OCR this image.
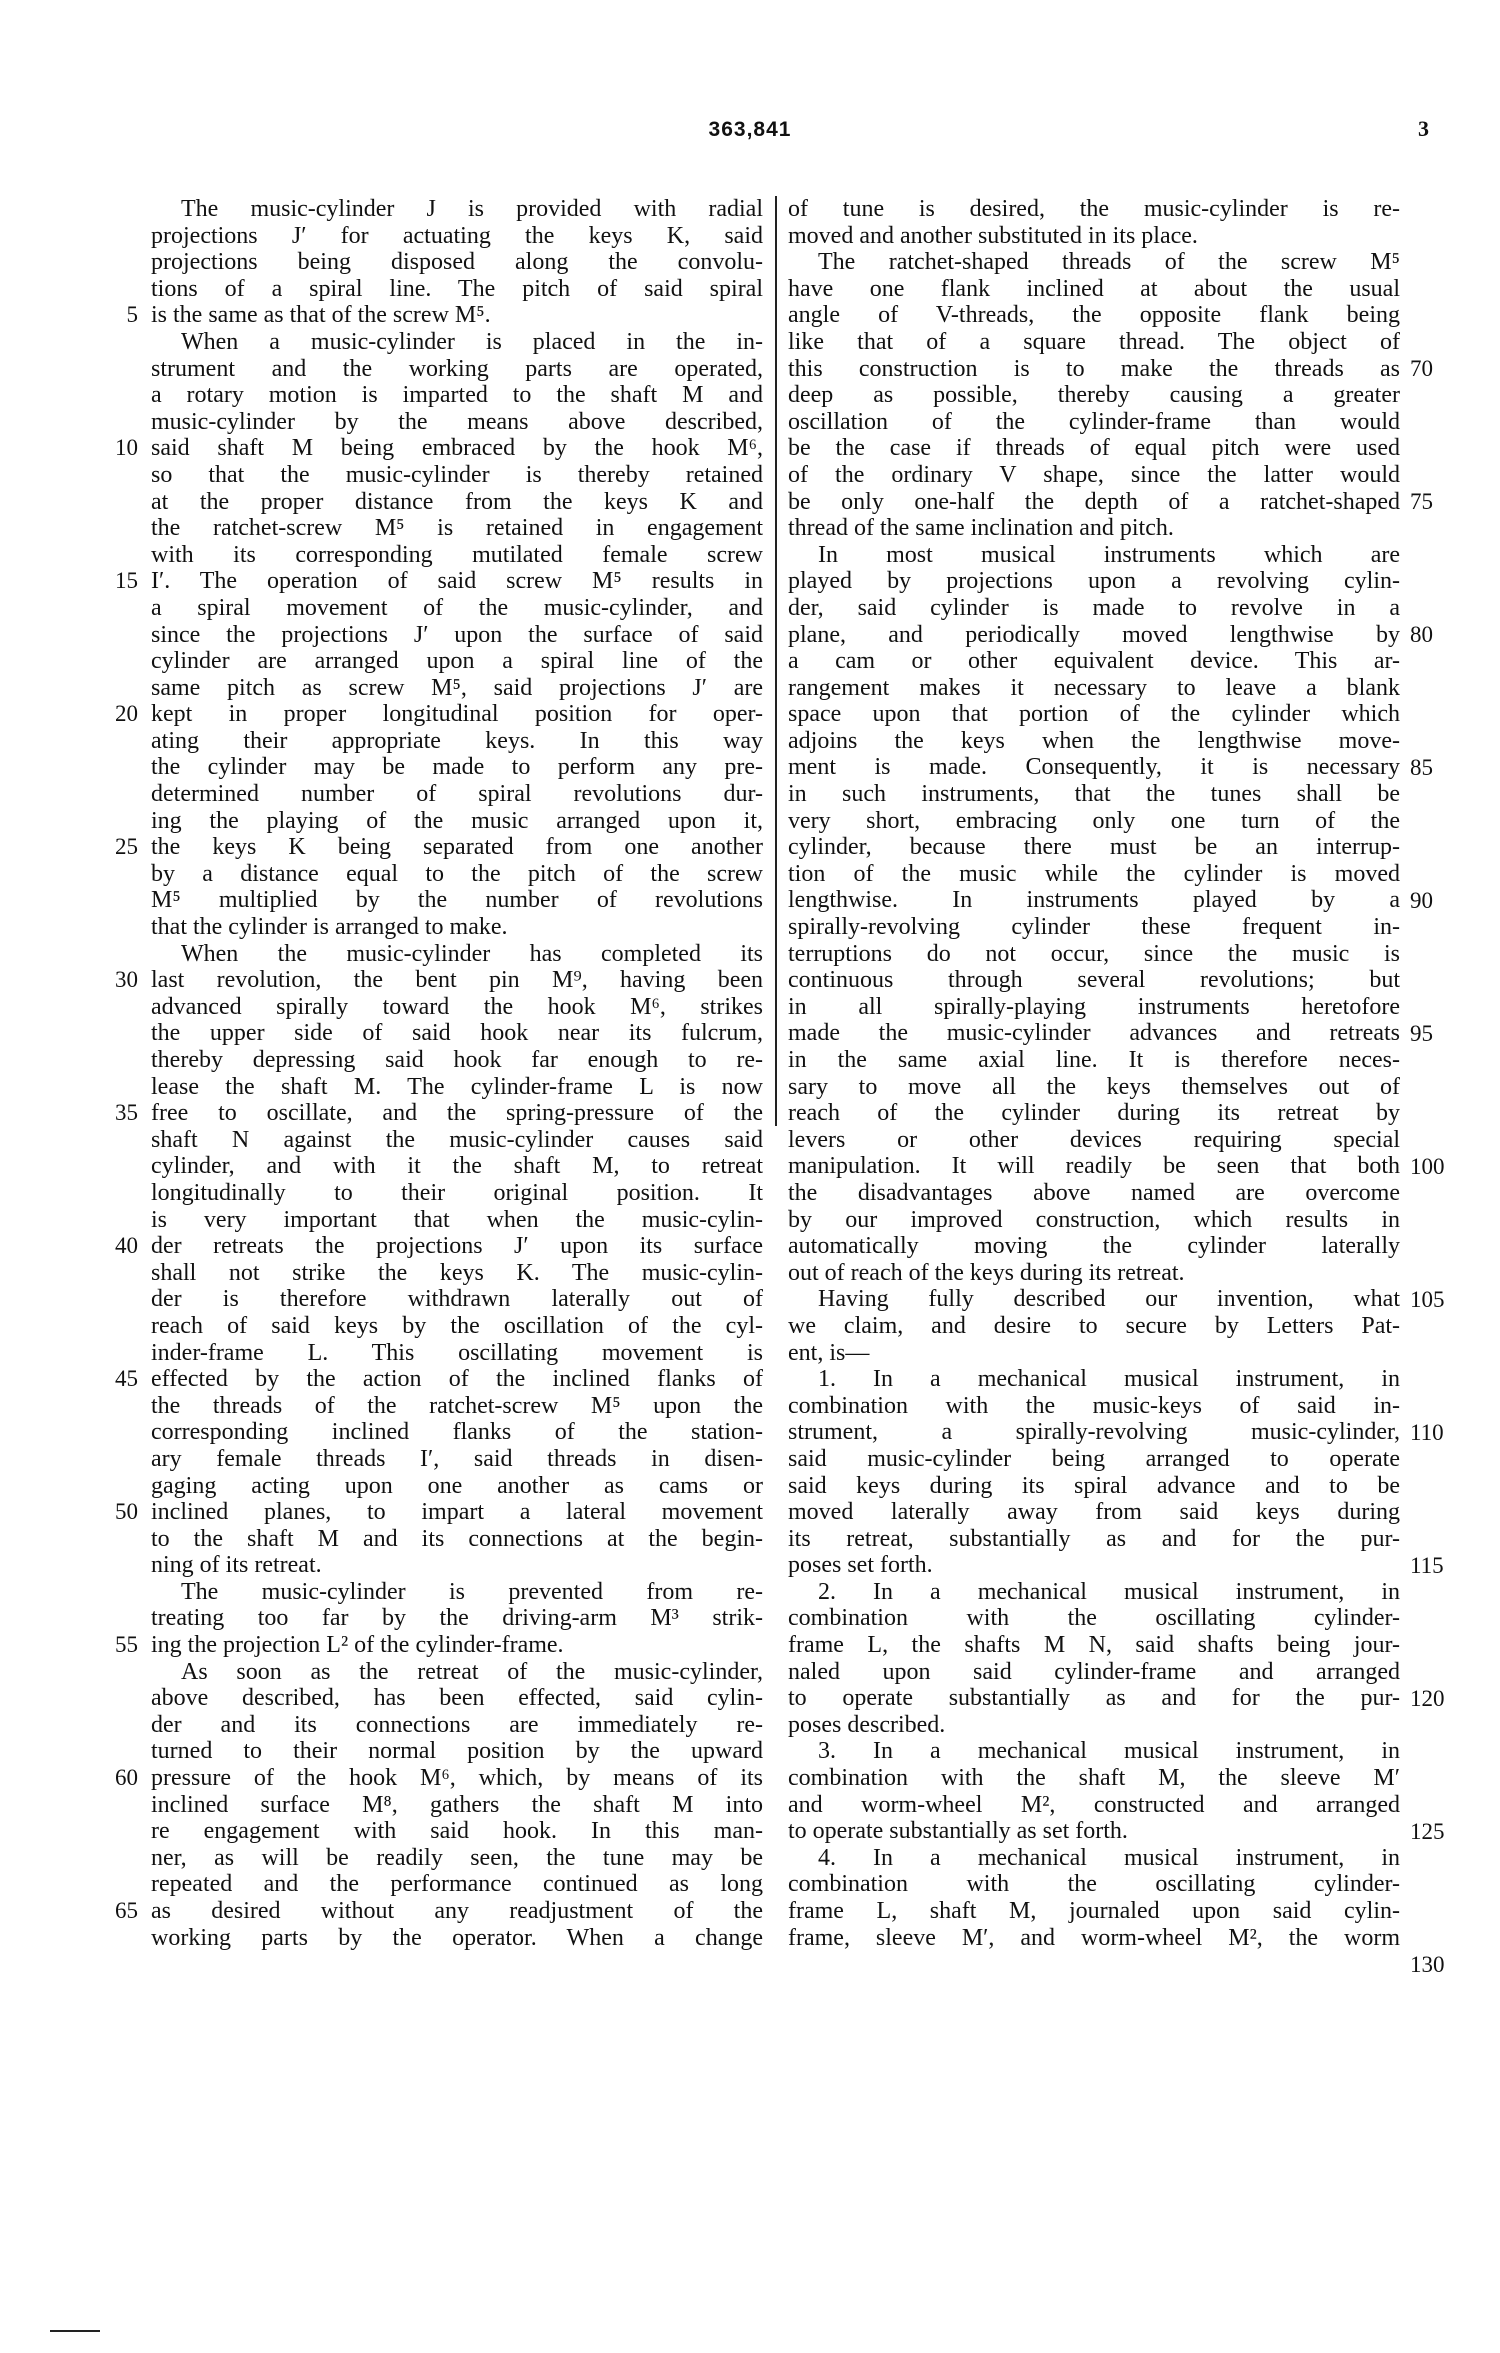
363,841	3
The music-cylinder J is provided with radial
projections J′ for actuating the keys K, said
projections being disposed along the convolu-
tions of a spiral line. The pitch of said spiral
is the same as that of the screw M⁵.
When a music-cylinder is placed in the in-
strument and the working parts are operated,
a rotary motion is imparted to the shaft M and
music-cylinder by the means above described,
said shaft M being embraced by the hook M⁶,
so that the music-cylinder is thereby retained
at the proper distance from the keys K and
the ratchet-screw M⁵ is retained in engagement
with its corresponding mutilated female screw
I′. The operation of said screw M⁵ results in
a spiral movement of the music-cylinder, and
since the projections J′ upon the surface of said
cylinder are arranged upon a spiral line of the
same pitch as screw M⁵, said projections J′ are
kept in proper longitudinal position for oper-
ating their appropriate keys. In this way
the cylinder may be made to perform any pre-
determined number of spiral revolutions dur-
ing the playing of the music arranged upon it,
the keys K being separated from one another
by a distance equal to the pitch of the screw
M⁵ multiplied by the number of revolutions
that the cylinder is arranged to make.
When the music-cylinder has completed its
last revolution, the bent pin M⁹, having been
advanced spirally toward the hook M⁶, strikes
the upper side of said hook near its fulcrum,
thereby depressing said hook far enough to re-
lease the shaft M. The cylinder-frame L is now
free to oscillate, and the spring-pressure of the
shaft N against the music-cylinder causes said
cylinder, and with it the shaft M, to retreat
longitudinally to their original position. It
is very important that when the music-cylin-
der retreats the projections J′ upon its surface
shall not strike the keys K. The music-cylin-
der is therefore withdrawn laterally out of
reach of said keys by the oscillation of the cyl-
inder-frame L. This oscillating movement is
effected by the action of the inclined flanks of
the threads of the ratchet-screw M⁵ upon the
corresponding inclined flanks of the station-
ary female threads I′, said threads in disen-
gaging acting upon one another as cams or
inclined planes, to impart a lateral movement
to the shaft M and its connections at the begin-
ning of its retreat.
The music-cylinder is prevented from re-
treating too far by the driving-arm M³ strik-
ing the projection L² of the cylinder-frame.
As soon as the retreat of the music-cylinder,
above described, has been effected, said cylin-
der and its connections are immediately re-
turned to their normal position by the upward
pressure of the hook M⁶, which, by means of its
inclined surface M⁸, gathers the shaft M into
re engagement with said hook. In this man-
ner, as will be readily seen, the tune may be
repeated and the performance continued as long
as desired without any readjustment of the
working parts by the operator. When a change
of tune is desired, the music-cylinder is re-
moved and another substituted in its place.
The ratchet-shaped threads of the screw M⁵
have one flank inclined at about the usual
angle of V-threads, the opposite flank being
like that of a square thread. The object of
this construction is to make the threads as
deep as possible, thereby causing a greater
oscillation of the cylinder-frame than would
be the case if threads of equal pitch were used
of the ordinary V shape, since the latter would
be only one-half the depth of a ratchet-shaped
thread of the same inclination and pitch.
In most musical instruments which are
played by projections upon a revolving cylin-
der, said cylinder is made to revolve in a
plane, and periodically moved lengthwise by
a cam or other equivalent device. This ar-
rangement makes it necessary to leave a blank
space upon that portion of the cylinder which
adjoins the keys when the lengthwise move-
ment is made. Consequently, it is necessary
in such instruments, that the tunes shall be
very short, embracing only one turn of the
cylinder, because there must be an interrup-
tion of the music while the cylinder is moved
lengthwise. In instruments played by a
spirally-revolving cylinder these frequent in-
terruptions do not occur, since the music is
continuous through several revolutions; but
in all spirally-playing instruments heretofore
made the music-cylinder advances and retreats
in the same axial line. It is therefore neces-
sary to move all the keys themselves out of
reach of the cylinder during its retreat by
levers or other devices requiring special
manipulation. It will readily be seen that both
the disadvantages above named are overcome
by our improved construction, which results in
automatically moving the cylinder laterally
out of reach of the keys during its retreat.
Having fully described our invention, what
we claim, and desire to secure by Letters Pat-
ent, is—
1. In a mechanical musical instrument, in
combination with the music-keys of said in-
strument, a spirally-revolving music-cylinder,
said music-cylinder being arranged to operate
said keys during its spiral advance and to be
moved laterally away from said keys during
its retreat, substantially as and for the pur-
poses set forth.
2. In a mechanical musical instrument, in
combination with the oscillating cylinder-
frame L, the shafts M N, said shafts being jour-
naled upon said cylinder-frame and arranged
to operate substantially as and for the pur-
poses described.
3. In a mechanical musical instrument, in
combination with the shaft M, the sleeve M′
and worm-wheel M², constructed and arranged
to operate substantially as set forth.
4. In a mechanical musical instrument, in
combination with the oscillating cylinder-
frame L, shaft M, journaled upon said cylin-
frame, sleeve M′, and worm-wheel M², the worm
5
10
15
20
25
30
35
40
45
50
55
60
65
70
75
80
85
90
95
100
105
110
115
120
125
130
